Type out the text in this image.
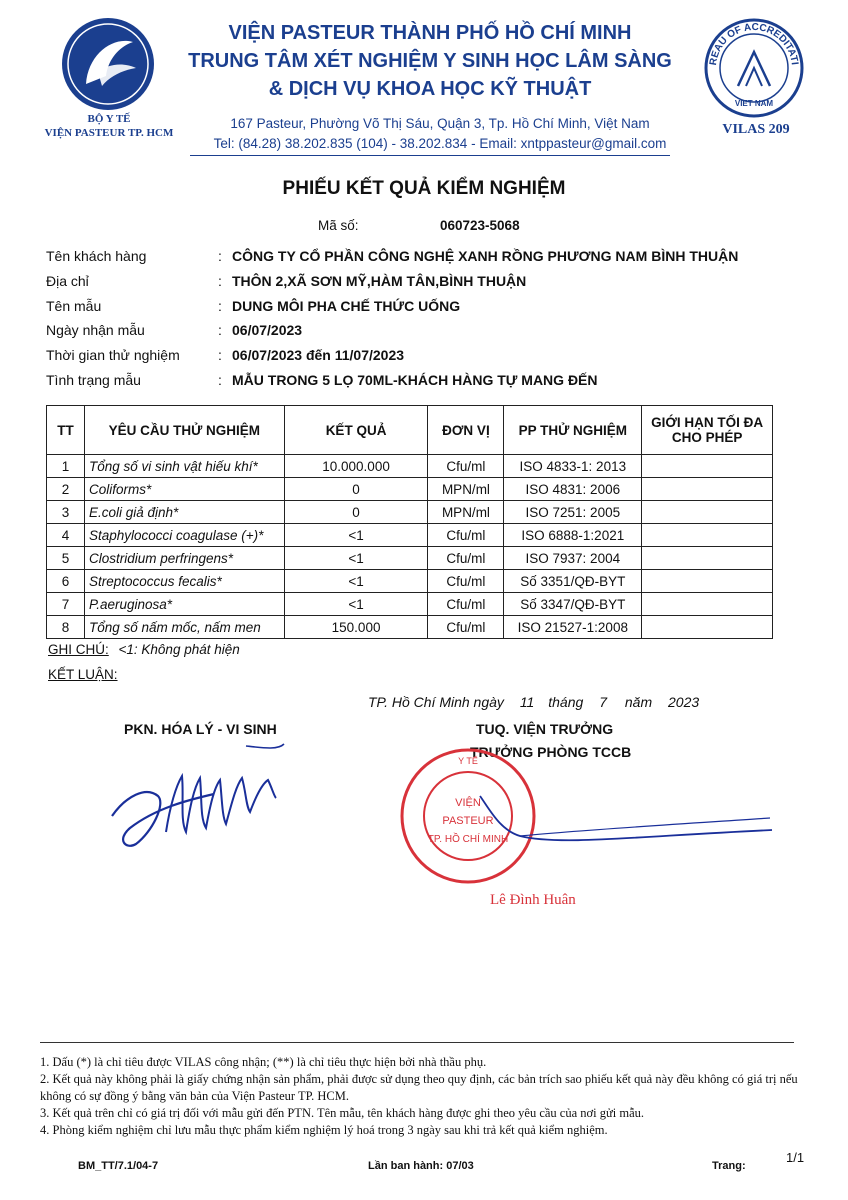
BỘ Y TẾ
VIỆN PASTEUR TP. HCM
VIỆN PASTEUR THÀNH PHỐ HỒ CHÍ MINH
TRUNG TÂM XÉT NGHIỆM Y SINH HỌC LÂM SÀNG
& DỊCH VỤ KHOA HỌC KỸ THUẬT
167 Pasteur, Phường Võ Thị Sáu, Quận 3, Tp. Hồ Chí Minh, Việt Nam
Tel: (84.28) 38.202.835 (104) - 38.202.834 - Email: xntppasteur@gmail.com
REAU OF ACCREDITATI
VIET NAM
VILAS 209
PHIẾU KẾT QUẢ KIỂM NGHIỆM
Mã số:	060723-5068
Tên khách hàng	: CÔNG TY CỔ PHẦN CÔNG NGHỆ XANH RỒNG PHƯƠNG NAM BÌNH THUẬN
Địa chỉ	: THÔN 2,XÃ SƠN MỸ,HÀM TÂN,BÌNH THUẬN
Tên mẫu	: DUNG MÔI PHA CHẾ THỨC UỐNG
Ngày nhận mẫu	: 06/07/2023
Thời gian thử nghiệm	: 06/07/2023 đến 11/07/2023
Tình trạng mẫu	: MẪU TRONG 5 LỌ 70ML-KHÁCH HÀNG TỰ MANG ĐẾN
TT	YÊU CẦU THỬ NGHIỆM	KẾT QUẢ	ĐƠN VỊ	PP THỬ NGHIỆM	GIỚI HẠN TỐI ĐA CHO PHÉP
1	Tổng số vi sinh vật hiếu khí*	10.000.000	Cfu/ml	ISO 4833-1: 2013	
2	Coliforms*	0	MPN/ml	ISO 4831: 2006	
3	E.coli giả định*	0	MPN/ml	ISO 7251: 2005	
4	Staphylococci coagulase (+)*	<1	Cfu/ml	ISO 6888-1:2021	
5	Clostridium perfringens*	<1	Cfu/ml	ISO 7937: 2004	
6	Streptococcus fecalis*	<1	Cfu/ml	Số 3351/QĐ-BYT	
7	P.aeruginosa*	<1	Cfu/ml	Số 3347/QĐ-BYT	
8	Tổng số nấm mốc, nấm men	150.000	Cfu/ml	ISO 21527-1:2008	
GHI CHÚ: <1: Không phát hiện
KẾT LUẬN:
TP. Hồ Chí Minh ngày 11 tháng 7 năm 2023
PKN. HÓA LÝ - VI SINH	TUQ. VIỆN TRƯỞNG
TRƯỞNG PHÒNG TCCB
VIỆN
PASTEUR
TP. HỒ CHÍ MINH
Y TẾ
Lê Đình Huân
1. Dấu (*) là chỉ tiêu được VILAS công nhận; (**) là chỉ tiêu thực hiện bởi nhà thầu phụ.
2. Kết quả này không phải là giấy chứng nhận sản phẩm, phải được sử dụng theo quy định, các bản trích sao phiếu kết quả này đều không có giá trị nếu không có sự đồng ý bằng văn bản của Viện Pasteur TP. HCM.
3. Kết quả trên chỉ có giá trị đối với mẫu gửi đến PTN. Tên mẫu, tên khách hàng được ghi theo yêu cầu của nơi gửi mẫu.
4. Phòng kiểm nghiệm chỉ lưu mẫu thực phẩm kiểm nghiệm lý hoá trong 3 ngày sau khi trả kết quả kiểm nghiệm.
BM_TT/7.1/04-7	Lần ban hành: 07/03	Trang:
1/1
